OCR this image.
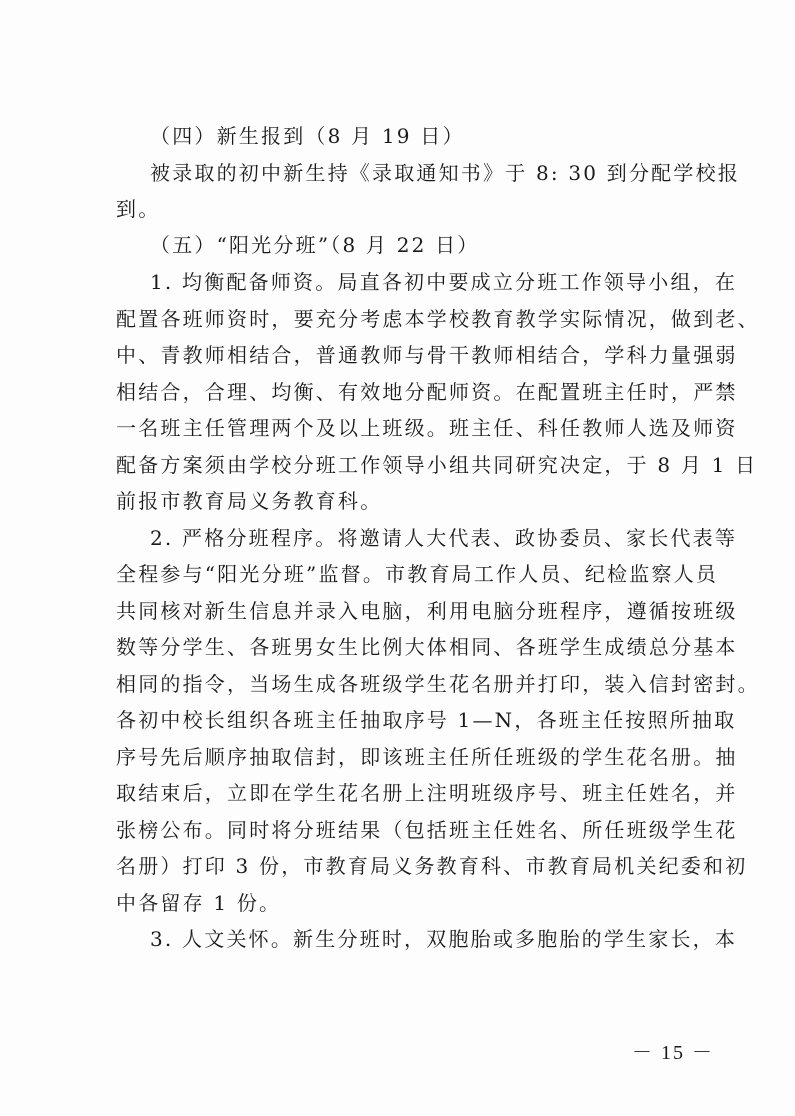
（四）新生报到（8 月 19 日）
被录取的初中新生持《录取通知书》于 8: 30 到分配学校报
到。
（五）“阳光分班”（8 月 22 日）
1. 均衡配备师资。局直各初中要成立分班工作领导小组，在
配置各班师资时，要充分考虑本学校教育教学实际情况，做到老、
中、青教师相结合，普通教师与骨干教师相结合，学科力量强弱
相结合，合理、均衡、有效地分配师资。在配置班主任时，严禁
一名班主任管理两个及以上班级。班主任、科任教师人选及师资
配备方案须由学校分班工作领导小组共同研究决定，于 8 月 1 日
前报市教育局义务教育科。
2. 严格分班程序。将邀请人大代表、政协委员、家长代表等
全程参与“阳光分班”监督。市教育局工作人员、纪检监察人员
共同核对新生信息并录入电脑，利用电脑分班程序，遵循按班级
数等分学生、各班男女生比例大体相同、各班学生成绩总分基本
相同的指令，当场生成各班级学生花名册并打印，装入信封密封。
各初中校长组织各班主任抽取序号 1—N，各班主任按照所抽取
序号先后顺序抽取信封，即该班主任所任班级的学生花名册。抽
取结束后，立即在学生花名册上注明班级序号、班主任姓名，并
张榜公布。同时将分班结果（包括班主任姓名、所任班级学生花
名册）打印 3 份，市教育局义务教育科、市教育局机关纪委和初
中各留存 1 份。
3. 人文关怀。新生分班时，双胞胎或多胞胎的学生家长，本
－ 15 －
